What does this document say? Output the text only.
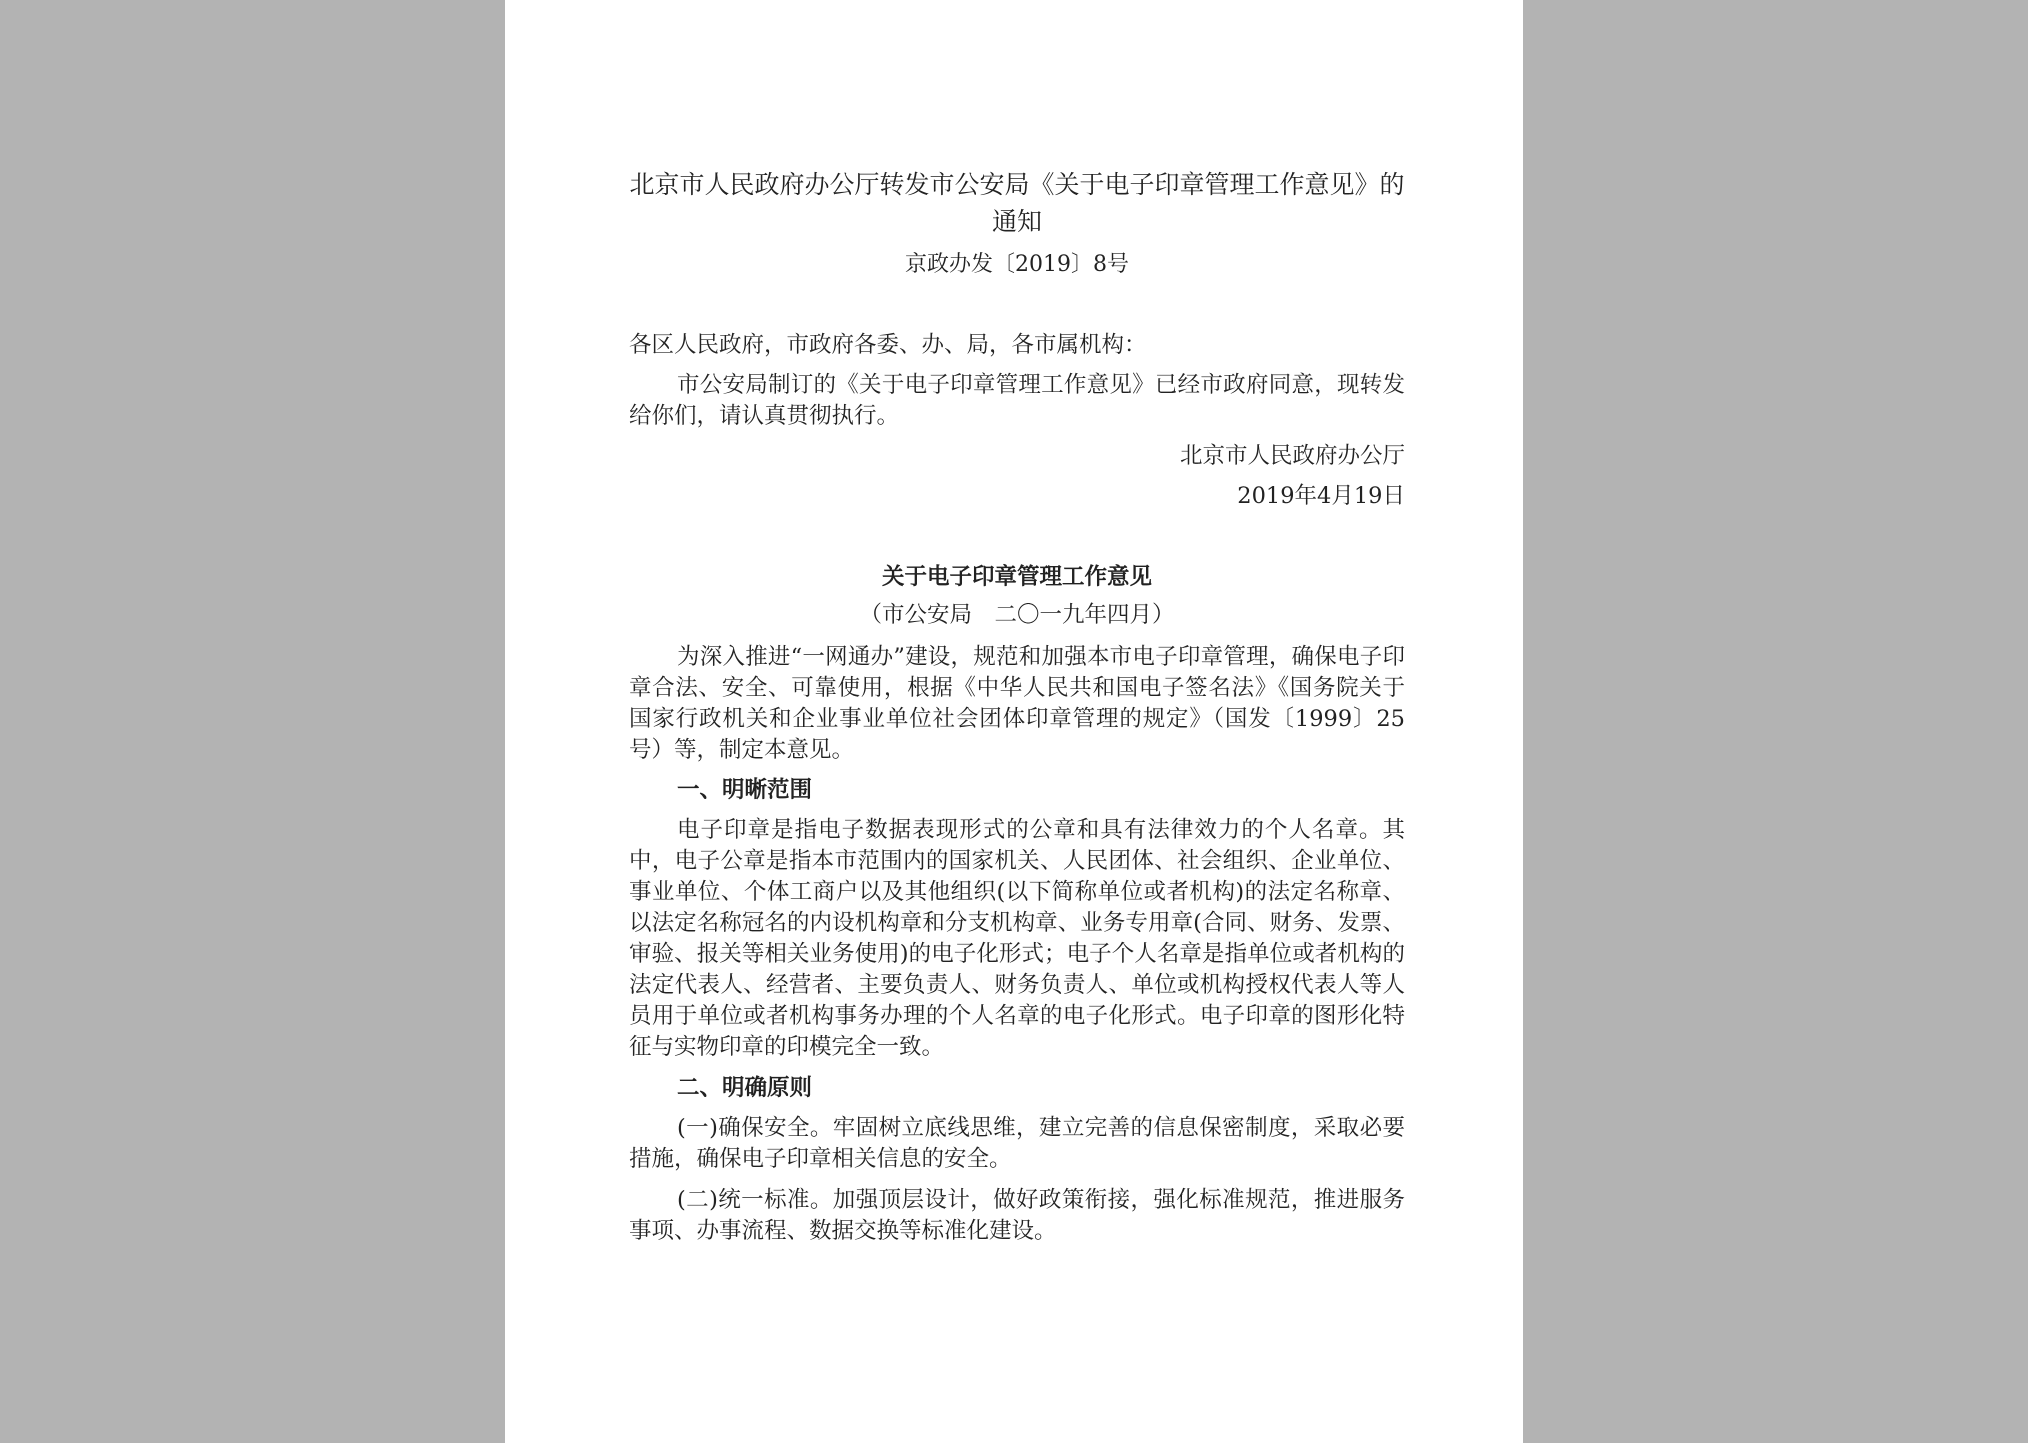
北京市人民政府办公厅转发市公安局《关于电子印章管理工作意见》的通知
京政办发〔2019〕8号
各区人民政府，市政府各委、办、局，各市属机构：
市公安局制订的《关于电子印章管理工作意见》已经市政府同意，现转发给你们，请认真贯彻执行。
北京市人民政府办公厅
2019年4月19日
关于电子印章管理工作意见
（市公安局　二〇一九年四月）
为深入推进“一网通办”建设，规范和加强本市电子印章管理，确保电子印章合法、安全、可靠使用，根据《中华人民共和国电子签名法》《国务院关于国家行政机关和企业事业单位社会团体印章管理的规定》（国发〔1999〕25号）等，制定本意见。
一、明晰范围
电子印章是指电子数据表现形式的公章和具有法律效力的个人名章。其中，电子公章是指本市范围内的国家机关、人民团体、社会组织、企业单位、事业单位、个体工商户以及其他组织(以下简称单位或者机构)的法定名称章、以法定名称冠名的内设机构章和分支机构章、业务专用章(合同、财务、发票、审验、报关等相关业务使用)的电子化形式；电子个人名章是指单位或者机构的法定代表人、经营者、主要负责人、财务负责人、单位或机构授权代表人等人员用于单位或者机构事务办理的个人名章的电子化形式。电子印章的图形化特征与实物印章的印模完全一致。
二、明确原则
(一)确保安全。牢固树立底线思维，建立完善的信息保密制度，采取必要措施，确保电子印章相关信息的安全。
(二)统一标准。加强顶层设计，做好政策衔接，强化标准规范，推进服务事项、办事流程、数据交换等标准化建设。
